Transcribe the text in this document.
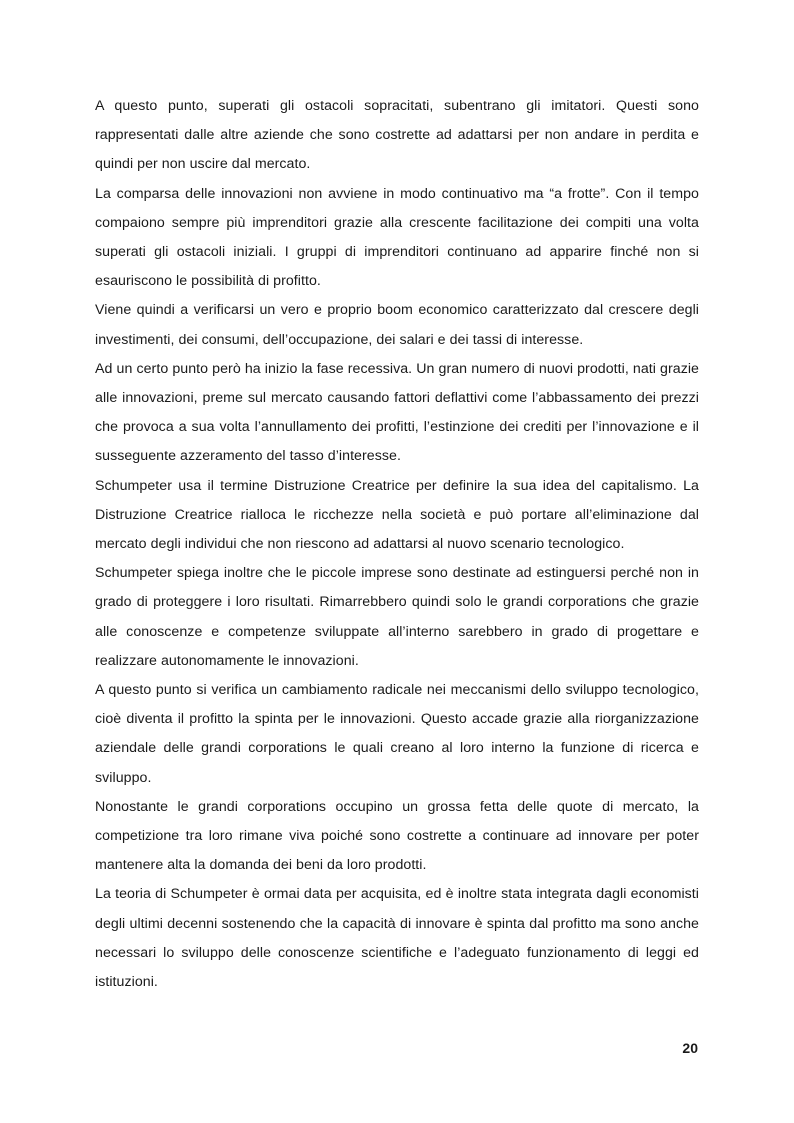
A questo punto, superati gli ostacoli sopracitati, subentrano gli imitatori. Questi sono rappresentati dalle altre aziende che sono costrette ad adattarsi per non andare in perdita e quindi per non uscire dal mercato.

La comparsa delle innovazioni non avviene in modo continuativo ma “a frotte”. Con il tempo compaiono sempre più imprenditori grazie alla crescente facilitazione dei compiti una volta superati gli ostacoli iniziali. I gruppi di imprenditori continuano ad apparire finché non si esauriscono le possibilità di profitto.

Viene quindi a verificarsi un vero e proprio boom economico caratterizzato dal crescere degli investimenti, dei consumi, dell’occupazione, dei salari e dei tassi di interesse.

Ad un certo punto però ha inizio la fase recessiva. Un gran numero di nuovi prodotti, nati grazie alle innovazioni, preme sul mercato causando fattori deflattivi come l’abbassamento dei prezzi che provoca a sua volta l’annullamento dei profitti, l’estinzione dei crediti per l’innovazione e il susseguente azzeramento del tasso d’interesse.

Schumpeter usa il termine Distruzione Creatrice per definire la sua idea del capitalismo. La Distruzione Creatrice rialloca le ricchezze nella società e può portare all’eliminazione dal mercato degli individui che non riescono ad adattarsi al nuovo scenario tecnologico.

Schumpeter spiega inoltre che le piccole imprese sono destinate ad estinguersi perché non in grado di proteggere i loro risultati. Rimarrebbero quindi solo le grandi corporations che grazie alle conoscenze e competenze sviluppate all’interno sarebbero in grado di progettare e realizzare autonomamente le innovazioni.

A questo punto si verifica un cambiamento radicale nei meccanismi dello sviluppo tecnologico, cioè diventa il profitto la spinta per le innovazioni. Questo accade grazie alla riorganizzazione aziendale delle grandi corporations le quali creano al loro interno la funzione di ricerca e sviluppo.

Nonostante le grandi corporations occupino un grossa fetta delle quote di mercato, la competizione tra loro rimane viva poiché sono costrette a continuare ad innovare per poter mantenere alta la domanda dei beni da loro prodotti.

La teoria di Schumpeter è ormai data per acquisita, ed è inoltre stata integrata dagli economisti degli ultimi decenni sostenendo che la capacità di innovare è spinta dal profitto ma sono anche necessari lo sviluppo delle conoscenze scientifiche e l’adeguato funzionamento di leggi ed istituzioni.

20
